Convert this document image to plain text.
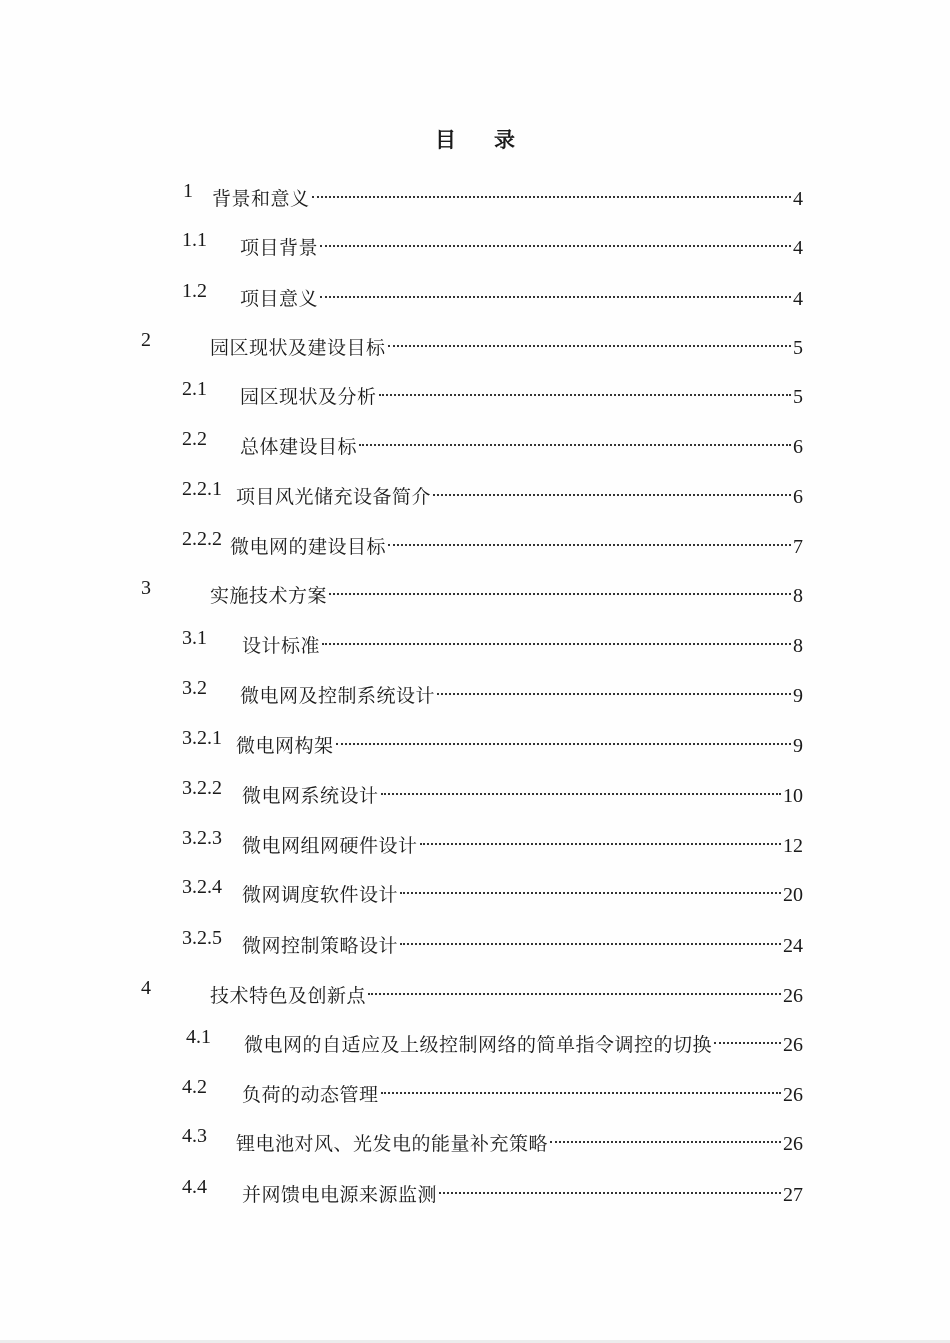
目 录
1 背景和意义	4
1.1 项目背景	4
1.2 项目意义	4
2	园区现状及建设目标	5
2.1 园区现状及分析	5
2.2 总体建设目标	6
2.2.1 项目风光储充设备简介	6
2.2.2 微电网的建设目标	7
3	实施技术方案	8
3.1 设计标准	8
3.2 微电网及控制系统设计	9
3.2.1 微电网构架	9
3.2.2 微电网系统设计	10
3.2.3 微电网组网硬件设计	12
3.2.4 微网调度软件设计	20
3.2.5 微网控制策略设计	24
4	技术特色及创新点	26
4.1 微电网的自适应及上级控制网络的简单指令调控的切换	26
4.2 负荷的动态管理	26
4.3 锂电池对风、光发电的能量补充策略	26
4.4 并网馈电电源来源监测	27
